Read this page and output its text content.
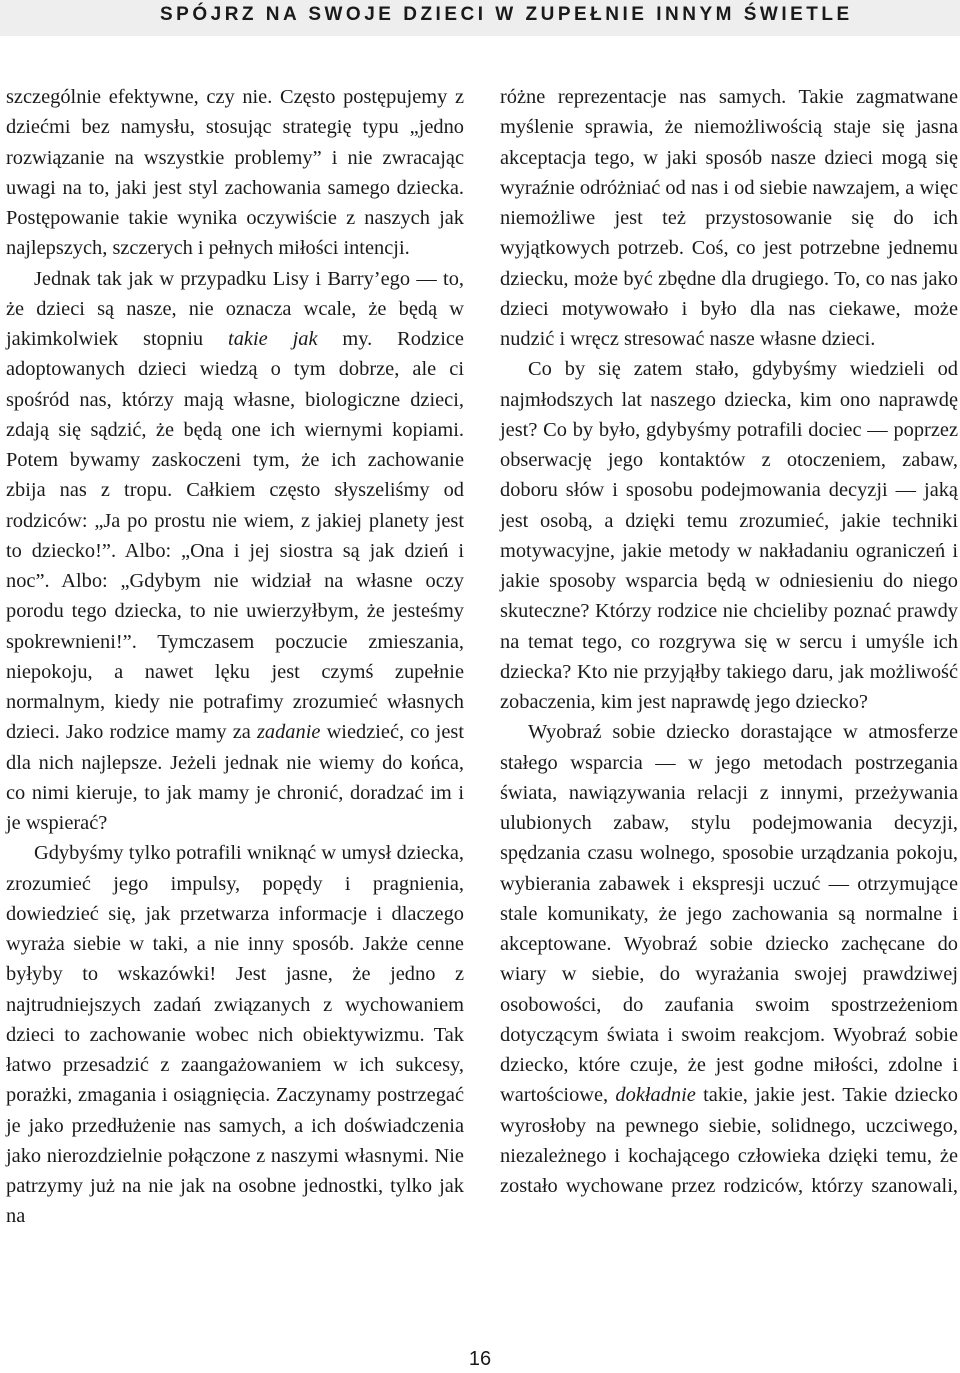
SPÓJRZ NA SWOJE DZIECI W ZUPEŁNIE INNYM ŚWIETLE

szczególnie efektywne, czy nie. Często postępujemy z dziećmi bez namysłu, stosując strategię typu „jedno rozwiązanie na wszystkie problemy” i nie zwracając uwagi na to, jaki jest styl zachowania samego dziecka. Postępowanie takie wynika oczywiście z naszych jak najlepszych, szczerych i pełnych miłości intencji.

Jednak tak jak w przypadku Lisy i Barry’ego — to, że dzieci są nasze, nie oznacza wcale, że będą w jakimkolwiek stopniu takie jak my. Rodzice adoptowanych dzieci wiedzą o tym dobrze, ale ci spośród nas, którzy mają własne, biologiczne dzieci, zdają się sądzić, że będą one ich wiernymi kopiami. Potem bywamy zaskoczeni tym, że ich zachowanie zbija nas z tropu. Całkiem często słyszeliśmy od rodziców: „Ja po prostu nie wiem, z jakiej planety jest to dziecko!”. Albo: „Ona i jej siostra są jak dzień i noc”. Albo: „Gdybym nie widział na własne oczy porodu tego dziecka, to nie uwierzyłbym, że jesteśmy spokrewnieni!”. Tymczasem poczucie zmieszania, niepokoju, a nawet lęku jest czymś zupełnie normalnym, kiedy nie potrafimy zrozumieć własnych dzieci. Jako rodzice mamy za zadanie wiedzieć, co jest dla nich najlepsze. Jeżeli jednak nie wiemy do końca, co nimi kieruje, to jak mamy je chronić, doradzać im i je wspierać?

Gdybyśmy tylko potrafili wniknąć w umysł dziecka, zrozumieć jego impulsy, popędy i pragnienia, dowiedzieć się, jak przetwarza informacje i dlaczego wyraża siebie w taki, a nie inny sposób. Jakże cenne byłyby to wskazówki! Jest jasne, że jedno z najtrudniejszych zadań związanych z wychowaniem dzieci to zachowanie wobec nich obiektywizmu. Tak łatwo przesadzić z zaangażowaniem w ich sukcesy, porażki, zmagania i osiągnięcia. Zaczynamy postrzegać je jako przedłużenie nas samych, a ich doświadczenia jako nierozdzielnie połączone z naszymi własnymi. Nie patrzymy już na nie jak na osobne jednostki, tylko jak na

różne reprezentacje nas samych. Takie zagmatwane myślenie sprawia, że niemożliwością staje się jasna akceptacja tego, w jaki sposób nasze dzieci mogą się wyraźnie odróżniać od nas i od siebie nawzajem, a więc niemożliwe jest też przystosowanie się do ich wyjątkowych potrzeb. Coś, co jest potrzebne jednemu dziecku, może być zbędne dla drugiego. To, co nas jako dzieci motywowało i było dla nas ciekawe, może nudzić i wręcz stresować nasze własne dzieci.

Co by się zatem stało, gdybyśmy wiedzieli od najmłodszych lat naszego dziecka, kim ono naprawdę jest? Co by było, gdybyśmy potrafili dociec — poprzez obserwację jego kontaktów z otoczeniem, zabaw, doboru słów i sposobu podejmowania decyzji — jaką jest osobą, a dzięki temu zrozumieć, jakie techniki motywacyjne, jakie metody w nakładaniu ograniczeń i jakie sposoby wsparcia będą w odniesieniu do niego skuteczne? Którzy rodzice nie chcieliby poznać prawdy na temat tego, co rozgrywa się w sercu i umyśle ich dziecka? Kto nie przyjąłby takiego daru, jak możliwość zobaczenia, kim jest naprawdę jego dziecko?

Wyobraź sobie dziecko dorastające w atmosferze stałego wsparcia — w jego metodach postrzegania świata, nawiązywania relacji z innymi, przeżywania ulubionych zabaw, stylu podejmowania decyzji, spędzania czasu wolnego, sposobie urządzania pokoju, wybierania zabawek i ekspresji uczuć — otrzymujące stale komunikaty, że jego zachowania są normalne i akceptowane. Wyobraź sobie dziecko zachęcane do wiary w siebie, do wyrażania swojej prawdziwej osobowości, do zaufania swoim spostrzeżeniom dotyczącym świata i swoim reakcjom. Wyobraź sobie dziecko, które czuje, że jest godne miłości, zdolne i wartościowe, dokładnie takie, jakie jest. Takie dziecko wyrosłoby na pewnego siebie, solidnego, uczciwego, niezależnego i kochającego człowieka dzięki temu, że zostało wychowane przez rodziców, którzy szanowali,

16
